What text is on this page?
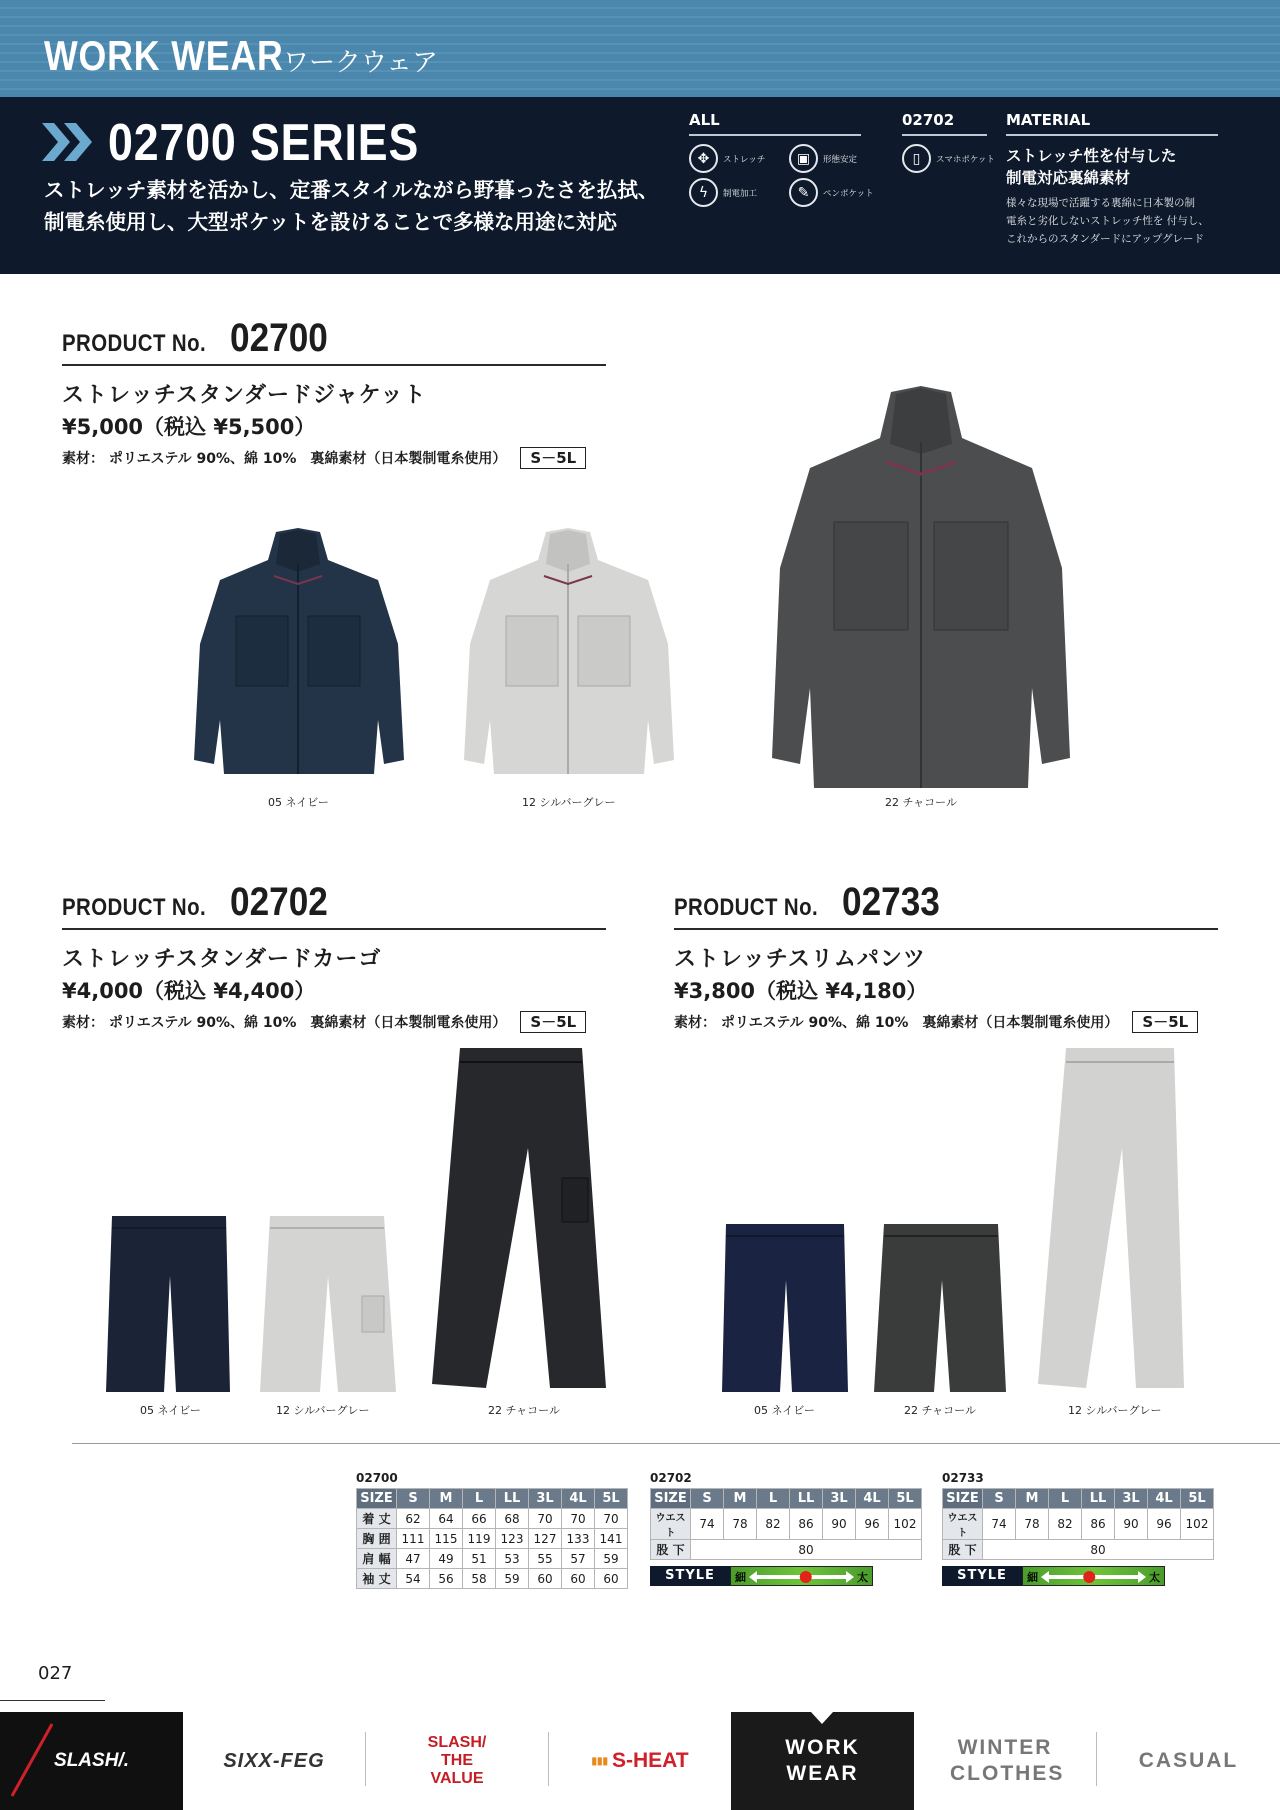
WORK WEAR ワークウェア
02700 SERIES
ストレッチ素材を活かし、定番スタイルながら野暮ったさを払拭、
制電糸使用し、大型ポケットを設けることで多様な用途に対応
ALL
✥	ストレッチ	▣	形態安定
ϟ	制電加工	✎	ペンポケット
02702
▯	スマホポケット
MATERIAL
ストレッチ性を付与した
制電対応裏綿素材
様々な現場で活躍する裏綿に日本製の制
電糸と劣化しないストレッチ性を 付与し、
これからのスタンダードにアップグレード
PRODUCT No. 02700
ストレッチスタンダードジャケット
¥5,000（税込 ¥5,500）
素材： ポリエステル 90%、綿 10%　裏綿素材（日本製制電糸使用）	S－5L
05 ネイビー	12 シルバーグレー	22 チャコール
PRODUCT No. 02702
ストレッチスタンダードカーゴ
¥4,000（税込 ¥4,400）
素材： ポリエステル 90%、綿 10%　裏綿素材（日本製制電糸使用）	S－5L
PRODUCT No. 02733
ストレッチスリムパンツ
¥3,800（税込 ¥4,180）
素材： ポリエステル 90%、綿 10%　裏綿素材（日本製制電糸使用）	S－5L
05 ネイビー	12 シルバーグレー	22 チャコール	05 ネイビー	22 チャコール	12 シルバーグレー
02700
SIZE	S	M	L	LL	3L	4L	5L
着 丈	62	64	66	68	70	70	70
胸 囲	111	115	119	123	127	133	141
肩 幅	47	49	51	53	55	57	59
袖 丈	54	56	58	59	60	60	60
02702
SIZE	S	M	L	LL	3L	4L	5L
ウエスト	74	78	82	86	90	96	102
股 下	80						
STYLE	細	太
02733
SIZE	S	M	L	LL	3L	4L	5L
ウエスト	74	78	82	86	90	96	102
股 下	80						
STYLE	細	太
027
SLASH/.	SIXX-FEG
SLASH/ THE VALUE
▮▮▮ S-HEAT
WORK WEAR
WINTER CLOTHES
CASUAL
